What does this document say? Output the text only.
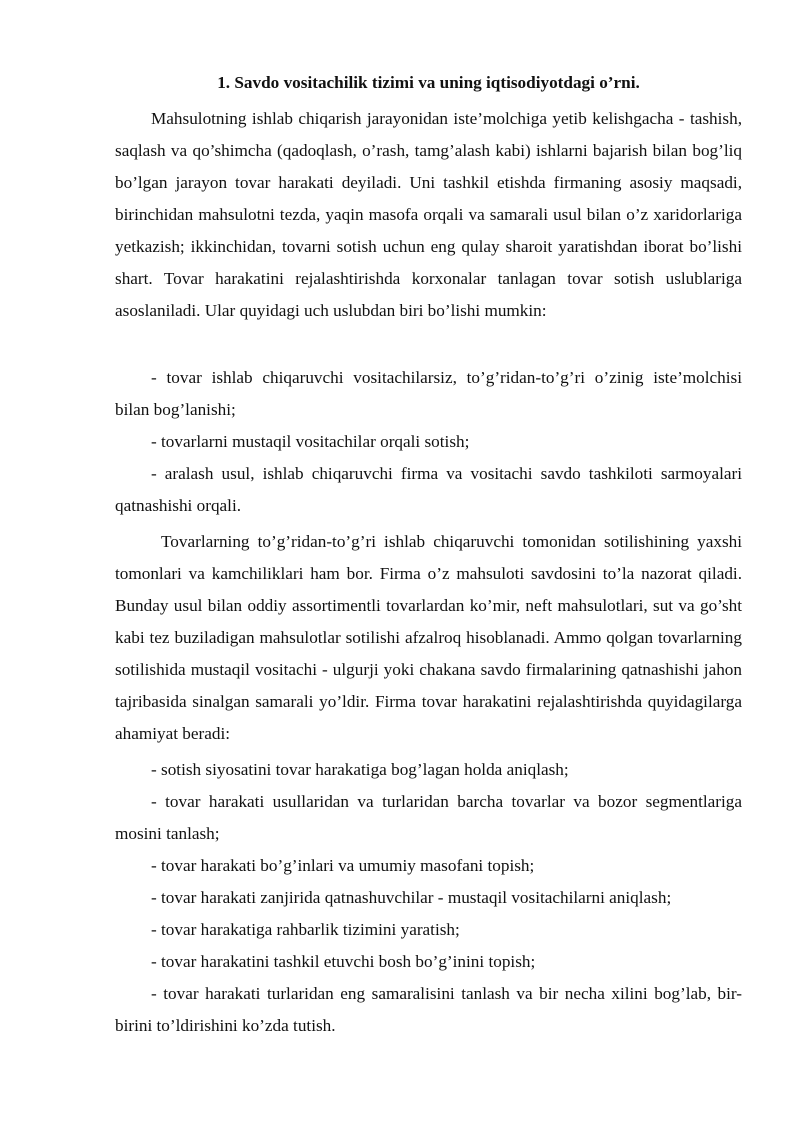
1. Savdo vositachilik tizimi va uning iqtisodiyotdagi o’rni.

Mahsulotning ishlab chiqarish jarayonidan iste’molchiga yetib kelishgacha - tashish, saqlash va qo’shimcha (qadoqlash, o’rash, tamg’alash kabi) ishlarni bajarish bilan bog’liq bo’lgan jarayon tovar harakati deyiladi. Uni tashkil etishda firmaning asosiy maqsadi, birinchidan mahsulotni tezda, yaqin masofa orqali va samarali usul bilan o’z xaridorlariga yetkazish; ikkinchidan, tovarni sotish uchun eng qulay sharoit yaratishdan iborat bo’lishi shart. Tovar harakatini rejalashtirishda korxonalar tanlagan tovar sotish uslublariga asoslaniladi. Ular quyidagi uch uslubdan biri bo’lishi mumkin:

- tovar ishlab chiqaruvchi vositachilarsiz, to’g’ridan-to’g’ri o’zinig iste’molchisi bilan bog’lanishi;

- tovarlarni mustaqil vositachilar orqali sotish;

- aralash usul, ishlab chiqaruvchi firma va vositachi savdo tashkiloti sarmoyalari qatnashishi orqali.

Tovarlarning to’g’ridan-to’g’ri ishlab chiqaruvchi tomonidan sotilishining yaxshi tomonlari va kamchiliklari ham bor. Firma o’z mahsuloti savdosini to’la nazorat qiladi. Bunday usul bilan oddiy assortimentli tovarlardan ko’mir, neft mahsulotlari, sut va go’sht kabi tez buziladigan mahsulotlar sotilishi afzalroq hisoblanadi. Ammo qolgan tovarlarning sotilishida mustaqil vositachi - ulgurji yoki chakana savdo firmalarining qatnashishi jahon tajribasida sinalgan samarali yo’ldir. Firma tovar harakatini rejalashtirishda quyidagilarga ahamiyat beradi:

- sotish siyosatini tovar harakatiga bog’lagan holda aniqlash;

- tovar harakati usullaridan va turlaridan barcha tovarlar va bozor segmentlariga mosini tanlash;

- tovar harakati bo’g’inlari va umumiy masofani topish;

- tovar harakati zanjirida qatnashuvchilar - mustaqil vositachilarni aniqlash;

- tovar harakatiga rahbarlik tizimini yaratish;

- tovar harakatini tashkil etuvchi bosh bo’g’inini topish;

- tovar harakati turlaridan eng samaralisini tanlash va bir necha xilini bog’lab, bir-birini to’ldirishini ko’zda tutish.
